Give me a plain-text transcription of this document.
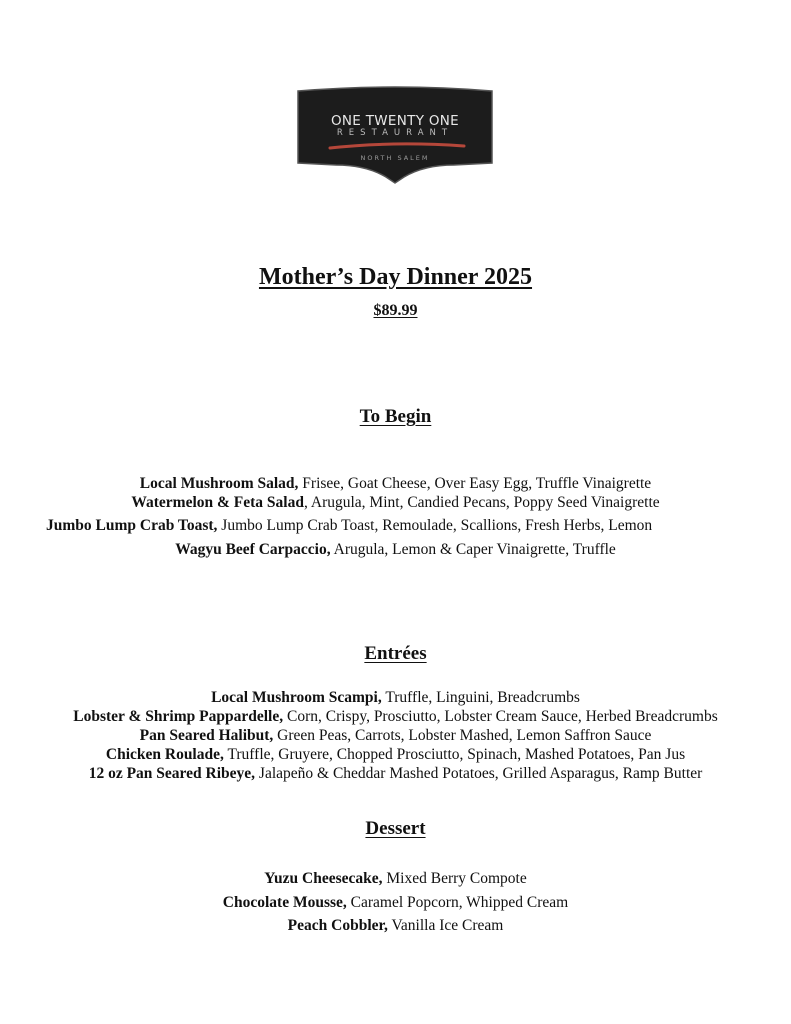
ONE TWENTY ONE
RESTAURANT
NORTH SALEM
Mother’s Day Dinner 2025
$89.99
To Begin
Local Mushroom Salad, Frisee, Goat Cheese, Over Easy Egg, Truffle Vinaigrette
Watermelon & Feta Salad, Arugula, Mint, Candied Pecans, Poppy Seed Vinaigrette
Jumbo Lump Crab Toast, Jumbo Lump Crab Toast, Remoulade, Scallions, Fresh Herbs, Lemon
Wagyu Beef Carpaccio, Arugula, Lemon & Caper Vinaigrette, Truffle
Entrées
Local Mushroom Scampi, Truffle, Linguini, Breadcrumbs
Lobster & Shrimp Pappardelle, Corn, Crispy, Prosciutto, Lobster Cream Sauce, Herbed Breadcrumbs
Pan Seared Halibut, Green Peas, Carrots, Lobster Mashed, Lemon Saffron Sauce
Chicken Roulade, Truffle, Gruyere, Chopped Prosciutto, Spinach, Mashed Potatoes, Pan Jus
12 oz Pan Seared Ribeye, Jalapeño & Cheddar Mashed Potatoes, Grilled Asparagus, Ramp Butter
Dessert
Yuzu Cheesecake, Mixed Berry Compote
Chocolate Mousse, Caramel Popcorn, Whipped Cream
Peach Cobbler, Vanilla Ice Cream
